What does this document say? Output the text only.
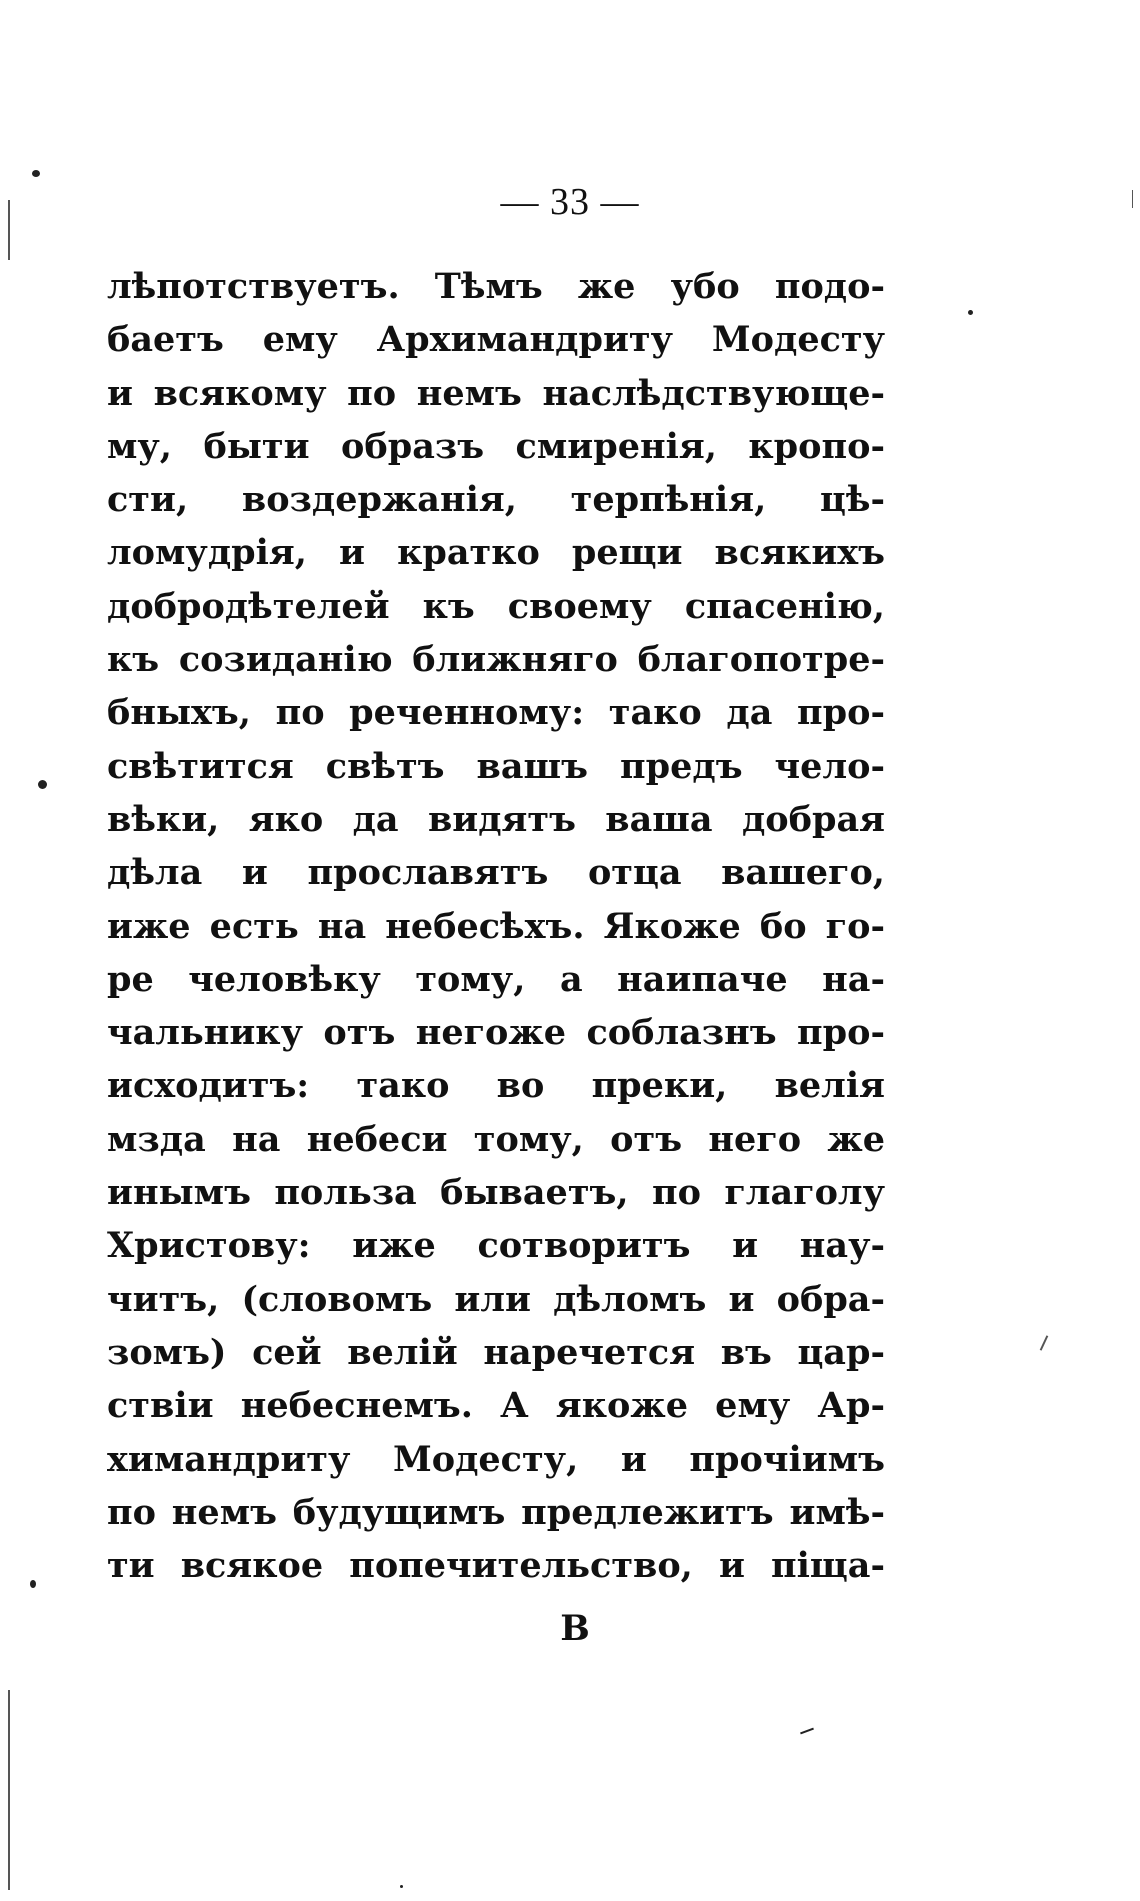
— 33 —
лѣпотствуетъ. Тѣмъ же убо подо-
баетъ ему Архимандриту Модесту
и всякому по немъ наслѣдствующе-
му, быти образъ смиренія, кропо-
сти, воздержанія, терпѣнія, цѣ-
ломудрія, и кратко рещи всякихъ
добродѣтелей къ своему спасенію,
къ созиданію ближняго благопотре-
бныхъ, по реченному: тако да про-
свѣтится свѣтъ вашъ предъ чело-
вѣки, яко да видятъ ваша добрая
дѣла и прославятъ отца вашего,
иже есть на небесѣхъ. Якоже бо го-
ре человѣку тому, а наипаче на-
чальнику отъ негоже соблазнъ про-
исходитъ: тако во преки, велія
мзда на небеси тому, отъ него же
инымъ польза бываетъ, по глаголу
Христову: иже сотворитъ и нау-
читъ, (словомъ или дѣломъ и обра-
зомъ) сей велій наречется въ цар-
ствіи небеснемъ. А якоже ему Ар-
химандриту Модесту, и прочіимъ
по немъ будущимъ предлежитъ имѣ-
ти всякое попечительство, и піща-
В
